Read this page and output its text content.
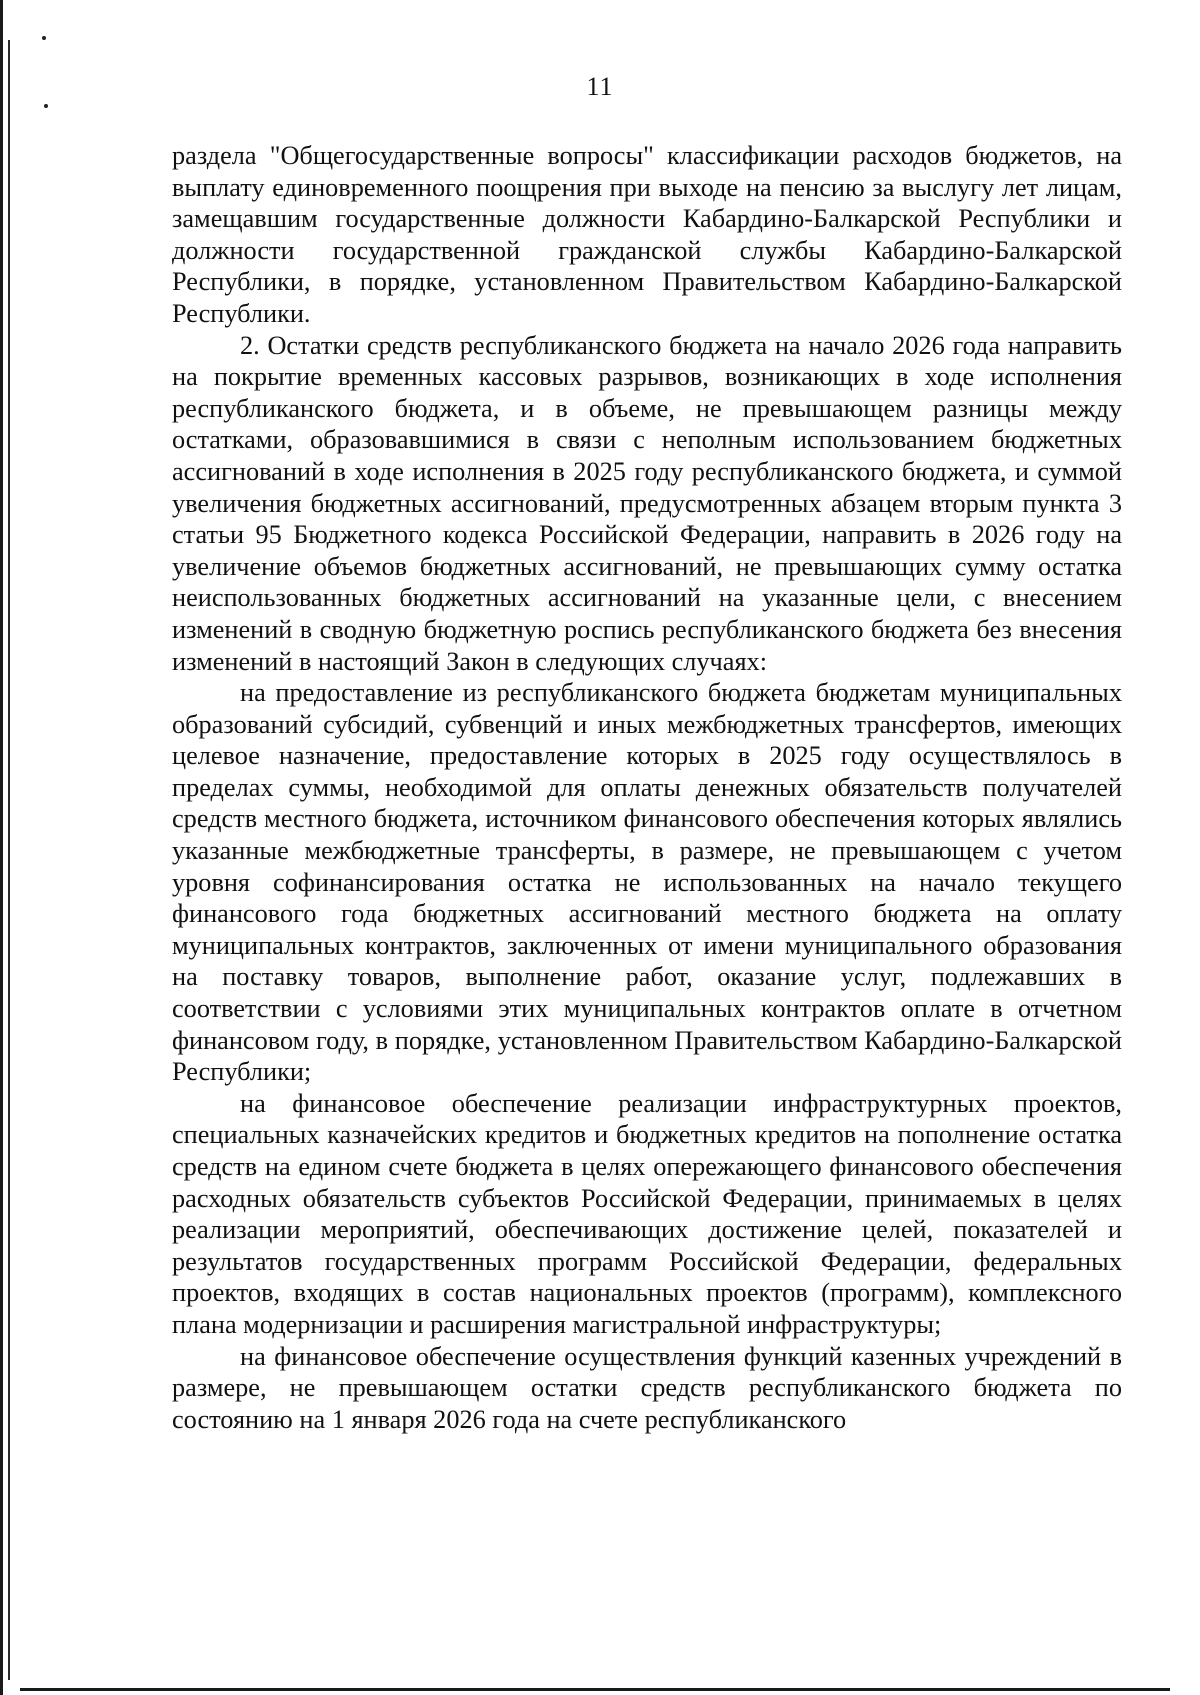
11

раздела "Общегосударственные вопросы" классификации расходов бюджетов, на выплату единовременного поощрения при выходе на пенсию за выслугу лет лицам, замещавшим государственные должности Кабардино-Балкарской Республики и должности государственной гражданской службы Кабардино-Балкарской Республики, в порядке, установленном Правительством Кабардино-Балкарской Республики.

2. Остатки средств республиканского бюджета на начало 2026 года направить на покрытие временных кассовых разрывов, возникающих в ходе исполнения республиканского бюджета, и в объеме, не превышающем разницы между остатками, образовавшимися в связи с неполным использованием бюджетных ассигнований в ходе исполнения в 2025 году республиканского бюджета, и суммой увеличения бюджетных ассигнований, предусмотренных абзацем вторым пункта 3 статьи 95 Бюджетного кодекса Российской Федерации, направить в 2026 году на увеличение объемов бюджетных ассигнований, не превышающих сумму остатка неиспользованных бюджетных ассигнований на указанные цели, с внесением изменений в сводную бюджетную роспись республиканского бюджета без внесения изменений в настоящий Закон в следующих случаях:

на предоставление из республиканского бюджета бюджетам муниципальных образований субсидий, субвенций и иных межбюджетных трансфертов, имеющих целевое назначение, предоставление которых в 2025 году осуществлялось в пределах суммы, необходимой для оплаты денежных обязательств получателей средств местного бюджета, источником финансового обеспечения которых являлись указанные межбюджетные трансферты, в размере, не превышающем с учетом уровня софинансирования остатка не использованных на начало текущего финансового года бюджетных ассигнований местного бюджета на оплату муниципальных контрактов, заключенных от имени муниципального образования на поставку товаров, выполнение работ, оказание услуг, подлежавших в соответствии с условиями этих муниципальных контрактов оплате в отчетном финансовом году, в порядке, установленном Правительством Кабардино-Балкарской Республики;

на финансовое обеспечение реализации инфраструктурных проектов, специальных казначейских кредитов и бюджетных кредитов на пополнение остатка средств на едином счете бюджета в целях опережающего финансового обеспечения расходных обязательств субъектов Российской Федерации, принимаемых в целях реализации мероприятий, обеспечивающих достижение целей, показателей и результатов государственных программ Российской Федерации, федеральных проектов, входящих в состав национальных проектов (программ), комплексного плана модернизации и расширения магистральной инфраструктуры;

на финансовое обеспечение осуществления функций казенных учреждений в размере, не превышающем остатки средств республиканского бюджета по состоянию на 1 января 2026 года на счете республиканского
